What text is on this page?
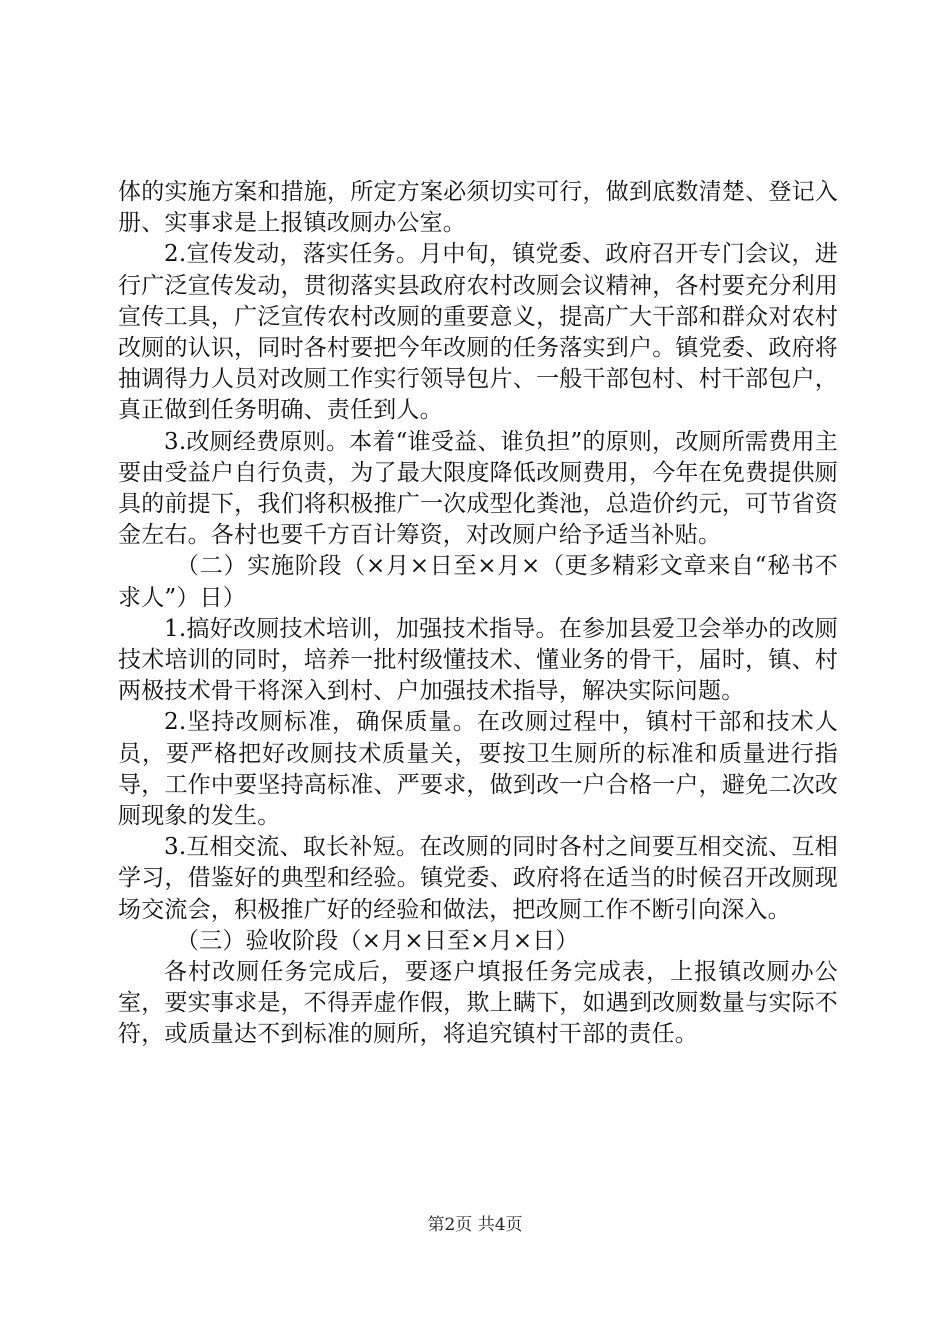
体的实施方案和措施，所定方案必须切实可行，做到底数清楚、登记入册、实事求是上报镇改厕办公室。

2.宣传发动，落实任务。月中旬，镇党委、政府召开专门会议，进行广泛宣传发动，贯彻落实县政府农村改厕会议精神，各村要充分利用宣传工具，广泛宣传农村改厕的重要意义，提高广大干部和群众对农村改厕的认识，同时各村要把今年改厕的任务落实到户。镇党委、政府将抽调得力人员对改厕工作实行领导包片、一般干部包村、村干部包户，真正做到任务明确、责任到人。

3.改厕经费原则。本着“谁受益、谁负担”的原则，改厕所需费用主要由受益户自行负责，为了最大限度降低改厕费用，今年在免费提供厕具的前提下，我们将积极推广一次成型化粪池，总造价约元，可节省资金左右。各村也要千方百计筹资，对改厕户给予适当补贴。

（二）实施阶段（×月×日至×月×（更多精彩文章来自“秘书不求人”）日）

1.搞好改厕技术培训，加强技术指导。在参加县爱卫会举办的改厕技术培训的同时，培养一批村级懂技术、懂业务的骨干，届时，镇、村两极技术骨干将深入到村、户加强技术指导，解决实际问题。

2.坚持改厕标准，确保质量。在改厕过程中，镇村干部和技术人员，要严格把好改厕技术质量关，要按卫生厕所的标准和质量进行指导，工作中要坚持高标准、严要求，做到改一户合格一户，避免二次改厕现象的发生。

3.互相交流、取长补短。在改厕的同时各村之间要互相交流、互相学习，借鉴好的典型和经验。镇党委、政府将在适当的时候召开改厕现场交流会，积极推广好的经验和做法，把改厕工作不断引向深入。

（三）验收阶段（×月×日至×月×日）

各村改厕任务完成后，要逐户填报任务完成表，上报镇改厕办公室，要实事求是，不得弄虚作假，欺上瞒下，如遇到改厕数量与实际不符，或质量达不到标准的厕所，将追究镇村干部的责任。

第2页 共4页
